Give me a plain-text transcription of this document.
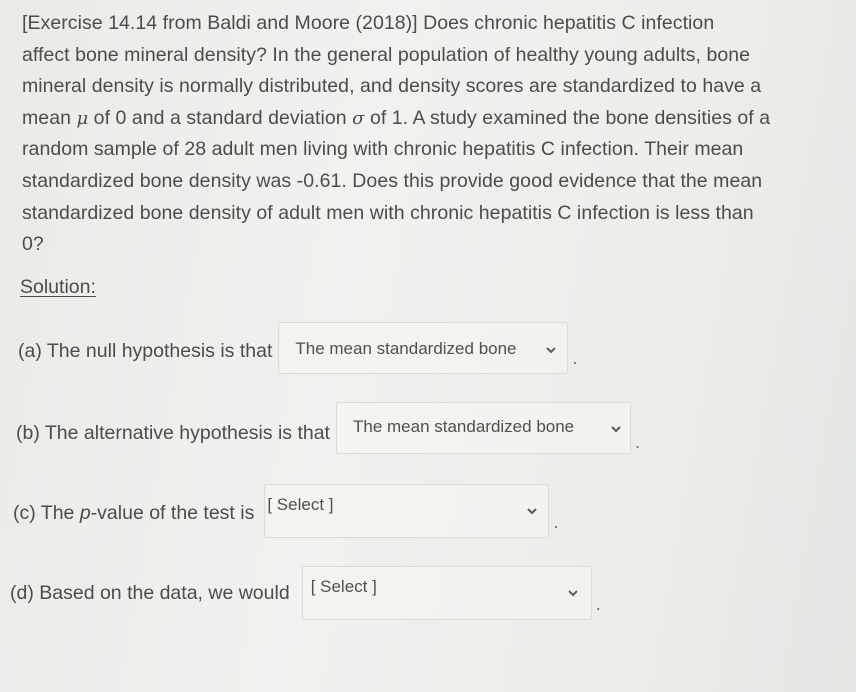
[Exercise 14.14 from Baldi and Moore (2018)] Does chronic hepatitis C infection
affect bone mineral density? In the general population of healthy young adults, bone
mineral density is normally distributed, and density scores are standardized to have a
mean μ of 0 and a standard deviation σ of 1. A study examined the bone densities of a
random sample of 28 adult men living with chronic hepatitis C infection. Their mean
standardized bone density was -0.61. Does this provide good evidence that the mean
standardized bone density of adult men with chronic hepatitis C infection is less than
0?
Solution:
(a) The null hypothesis is that The mean standardized bone	.
(b) The alternative hypothesis is that The mean standardized bone
.
(c) The p-value of the test is [ Select ]
.
(d) Based on the data, we would [ Select ]
.
